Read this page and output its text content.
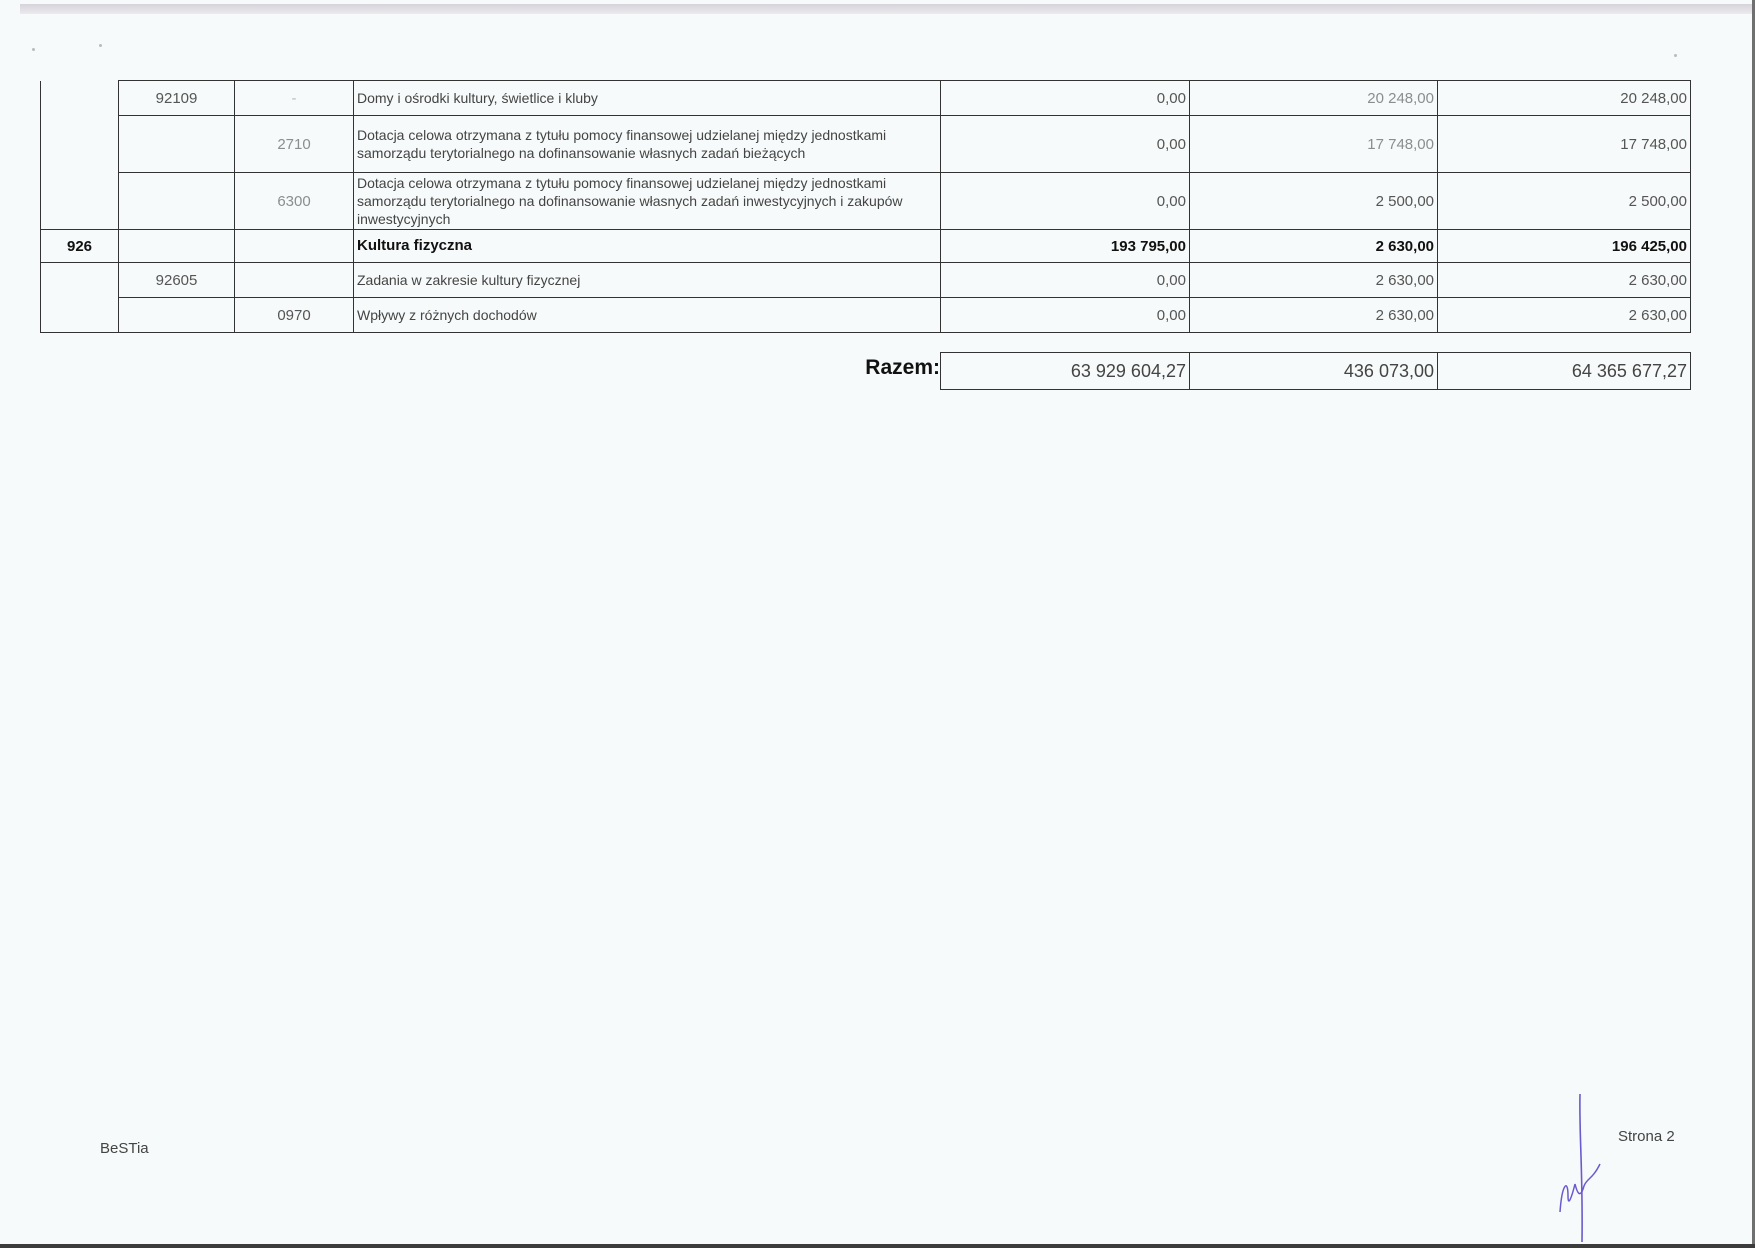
	92109	-	Domy i ośrodki kultury, świetlice i kluby	0,00	20 248,00	20 248,00
		2710	Dotacja celowa otrzymana z tytułu pomocy finansowej udzielanej między jednostkami samorządu terytorialnego na dofinansowanie własnych zadań bieżących	0,00	17 748,00	17 748,00
		6300	Dotacja celowa otrzymana z tytułu pomocy finansowej udzielanej między jednostkami samorządu terytorialnego na dofinansowanie własnych zadań inwestycyjnych i zakupów inwestycyjnych	0,00	2 500,00	2 500,00
926			Kultura fizyczna	193 795,00	2 630,00	196 425,00
	92605		Zadania w zakresie kultury fizycznej	0,00	2 630,00	2 630,00
		0970	Wpływy z różnych dochodów	0,00	2 630,00	2 630,00
Razem:	63 929 604,27	436 073,00	64 365 677,27
BeSTia
Strona 2
